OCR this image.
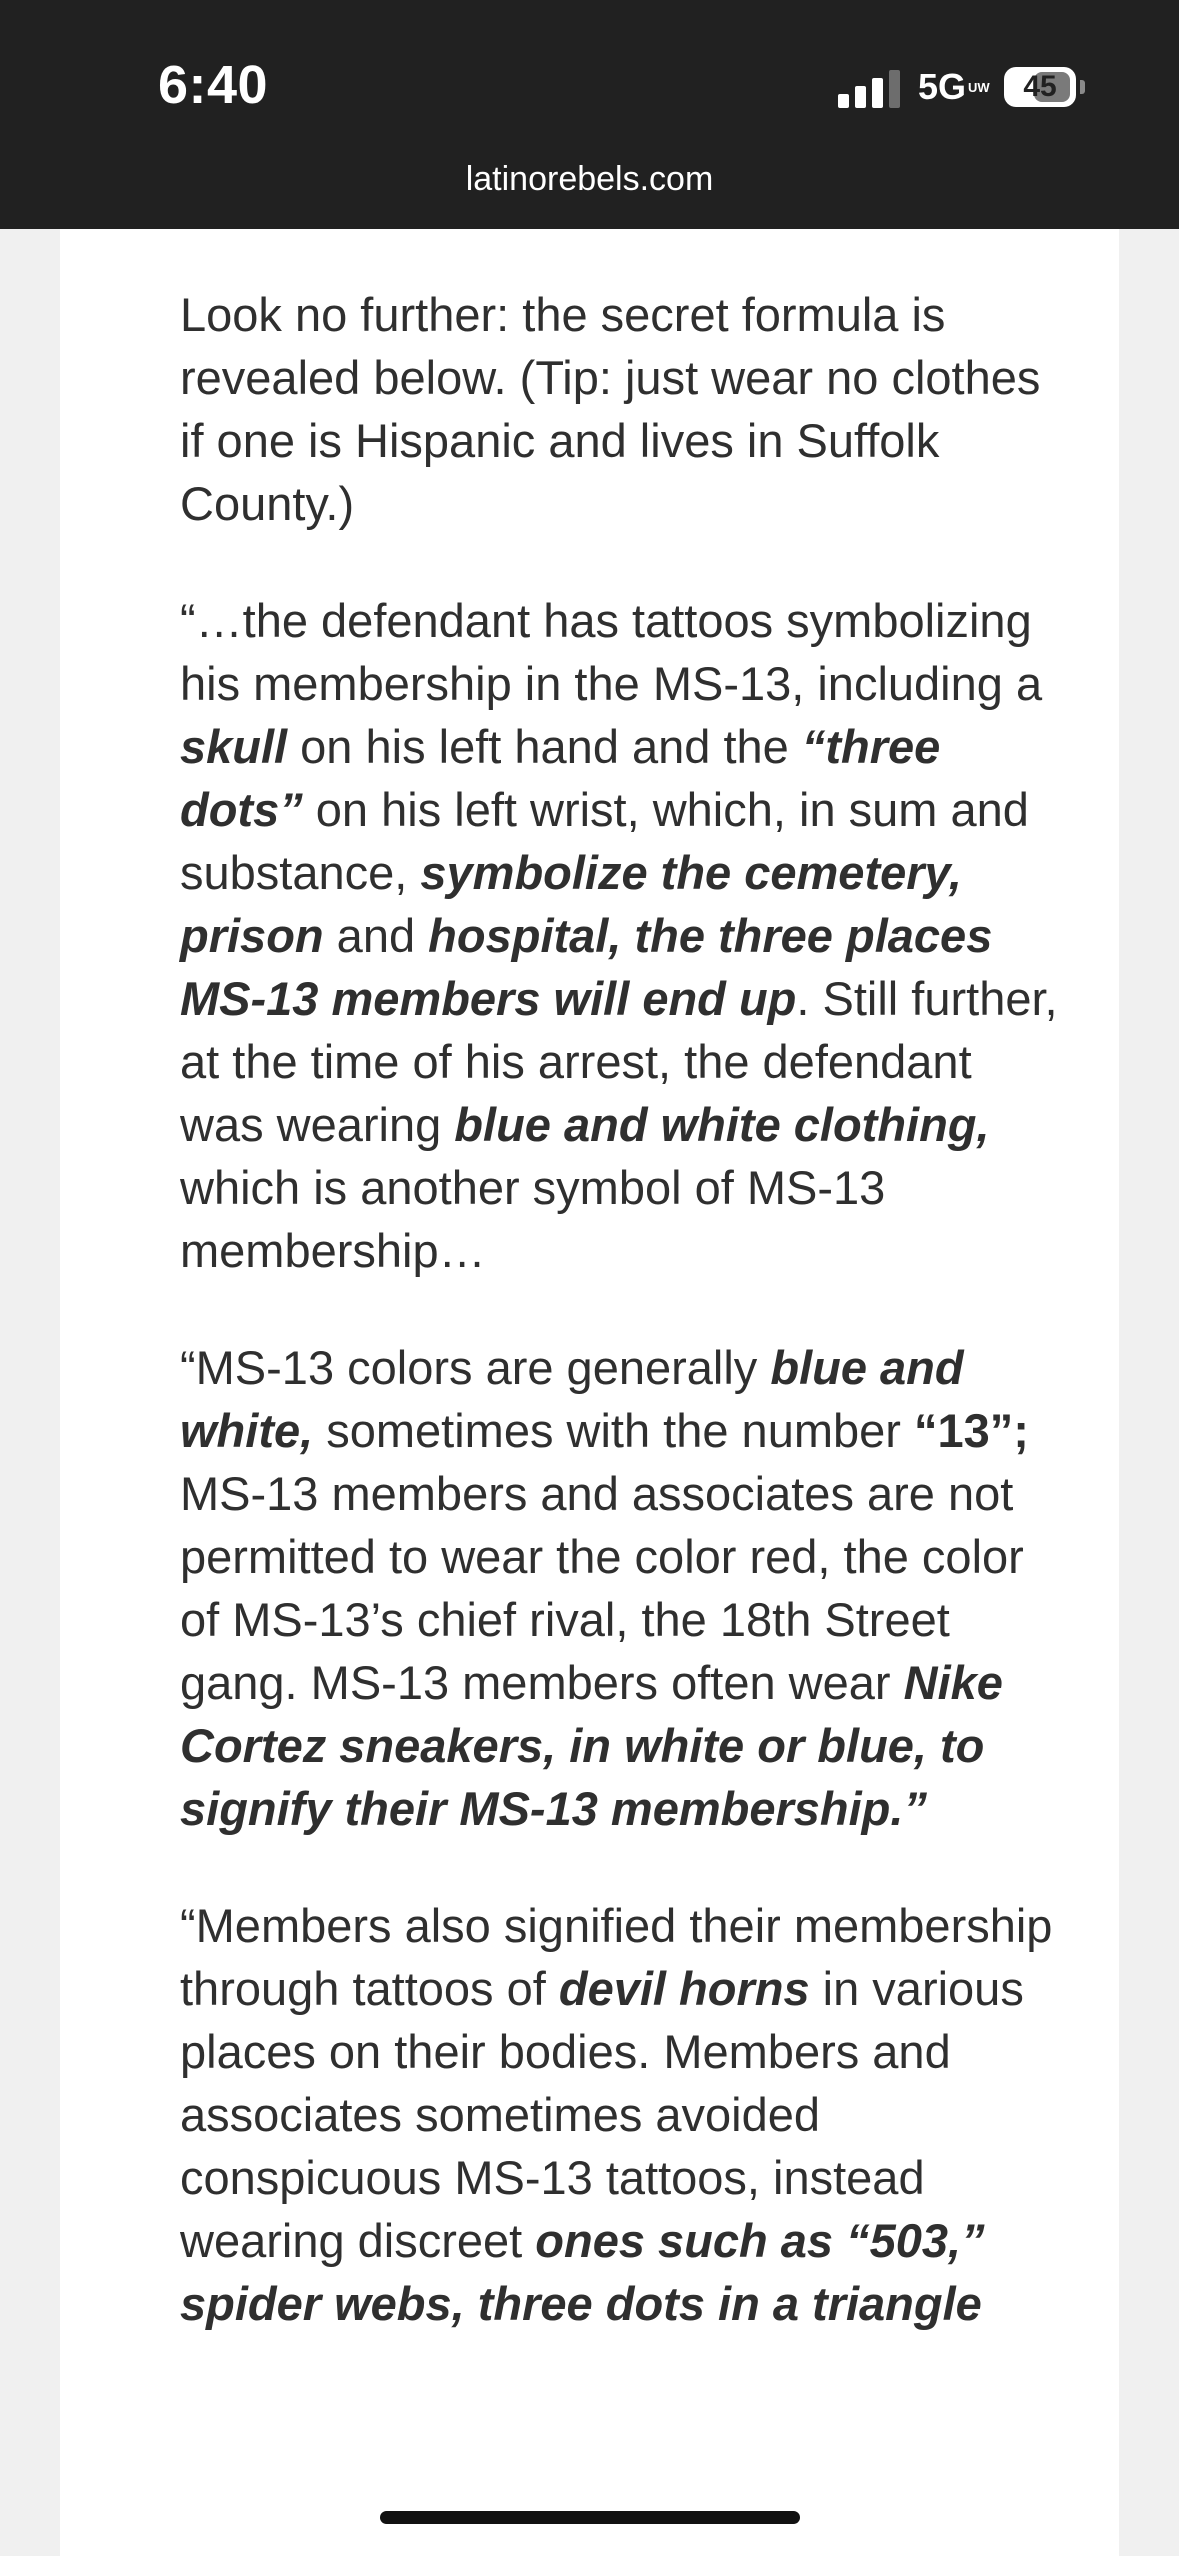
6:40	5G UW	45
latinorebels.com

Look no further: the secret formula is revealed below. (Tip: just wear no clothes if one is Hispanic and lives in Suffolk County.)

“…the defendant has tattoos symbolizing his membership in the MS-13, including a skull on his left hand and the “three dots” on his left wrist, which, in sum and substance, symbolize the cemetery, prison and hospital, the three places MS-13 members will end up. Still further, at the time of his arrest, the defendant was wearing blue and white clothing, which is another symbol of MS-13 membership…

“MS-13 colors are generally blue and white, sometimes with the number “13”; MS-13 members and associates are not permitted to wear the color red, the color of MS-13’s chief rival, the 18th Street gang. MS-13 members often wear Nike Cortez sneakers, in white or blue, to signify their MS-13 membership.”

“Members also signified their membership through tattoos of devil horns in various places on their bodies. Members and associates sometimes avoided conspicuous MS-13 tattoos, instead wearing discreet ones such as “503,” spider webs, three dots in a triangle
